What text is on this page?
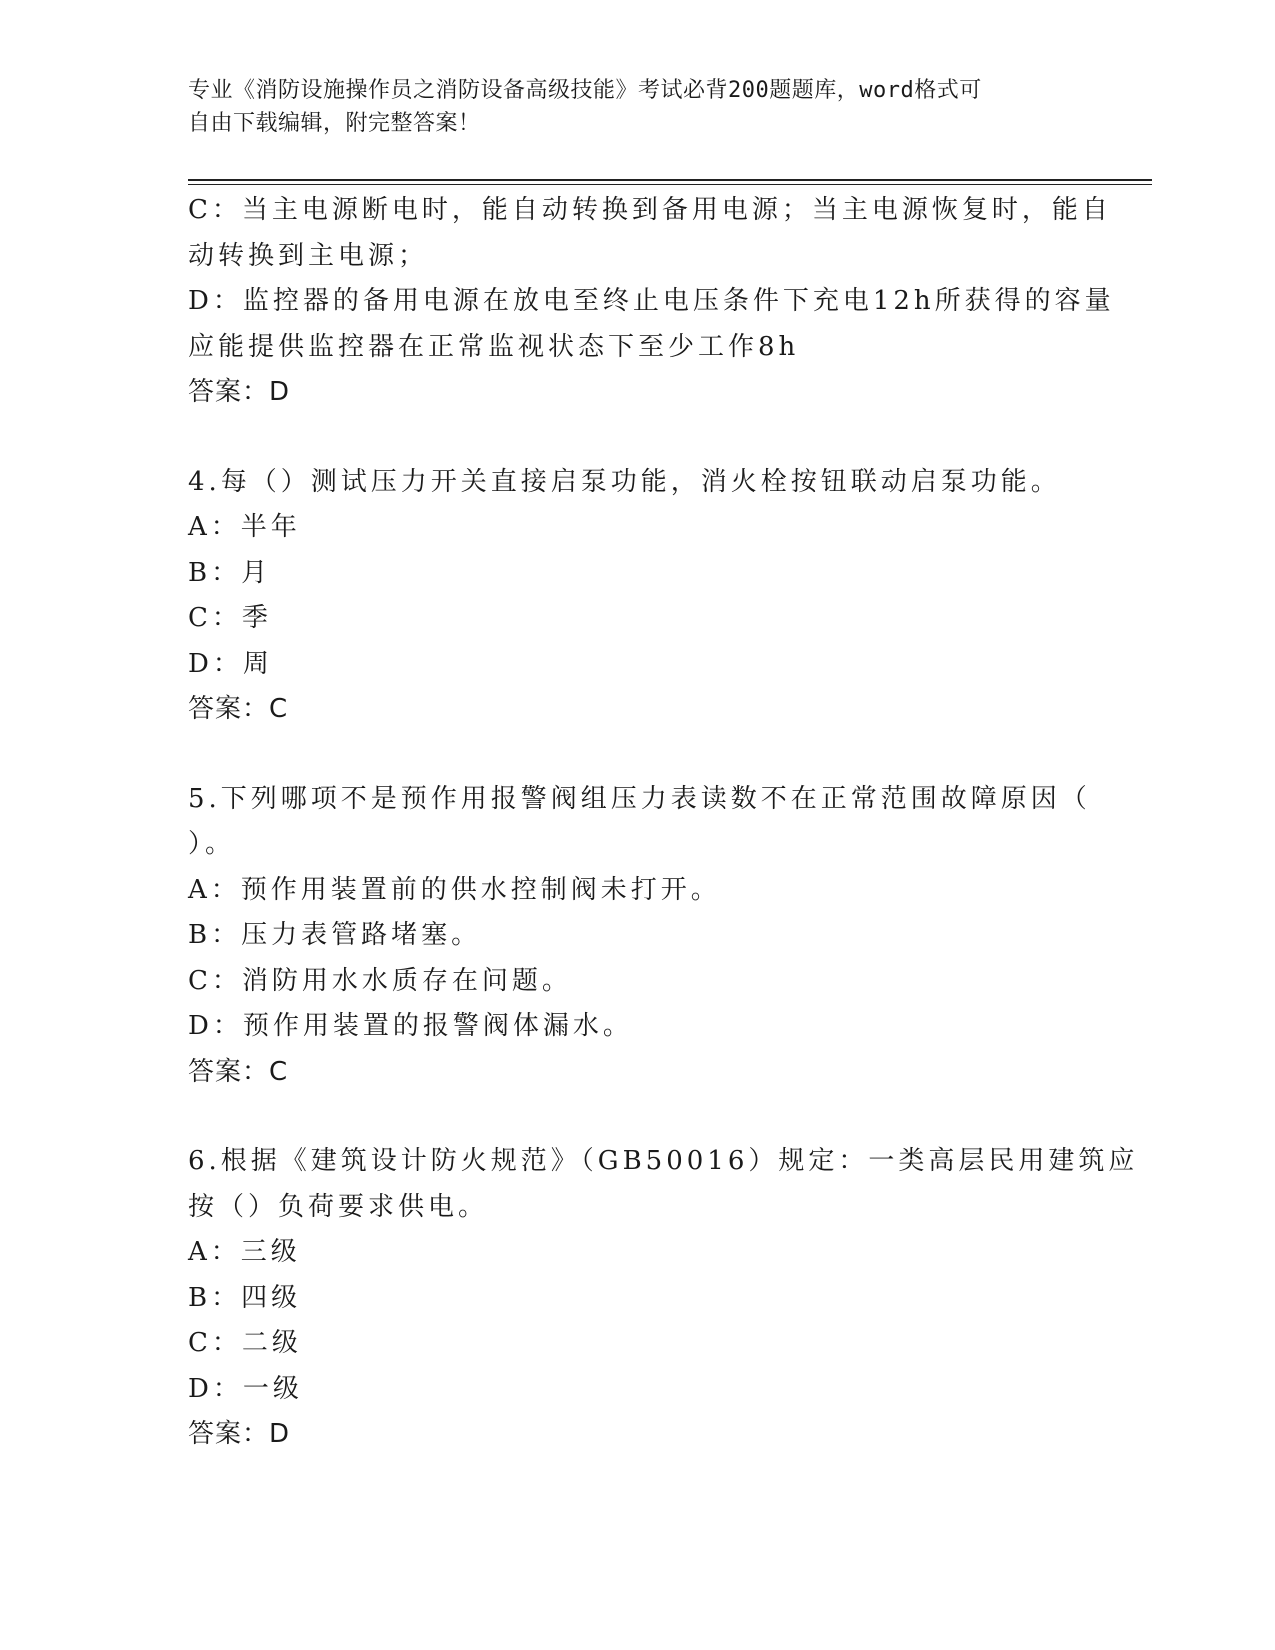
专业《消防设施操作员之消防设备高级技能》考试必背200题题库，word格式可
自由下载编辑，附完整答案！
C：当主电源断电时，能自动转换到备用电源；当主电源恢复时，能自
动转换到主电源；
D：监控器的备用电源在放电至终止电压条件下充电12h所获得的容量
应能提供监控器在正常监视状态下至少工作8h
答案：D
4.每（）测试压力开关直接启泵功能，消火栓按钮联动启泵功能。
A：半年
B：月
C：季
D：周
答案：C
5.下列哪项不是预作用报警阀组压力表读数不在正常范围故障原因（
）。
A：预作用装置前的供水控制阀未打开。
B：压力表管路堵塞。
C：消防用水水质存在问题。
D：预作用装置的报警阀体漏水。
答案：C
6.根据《建筑设计防火规范》（GB50016）规定：一类高层民用建筑应
按（）负荷要求供电。
A：三级
B：四级
C：二级
D：一级
答案：D
